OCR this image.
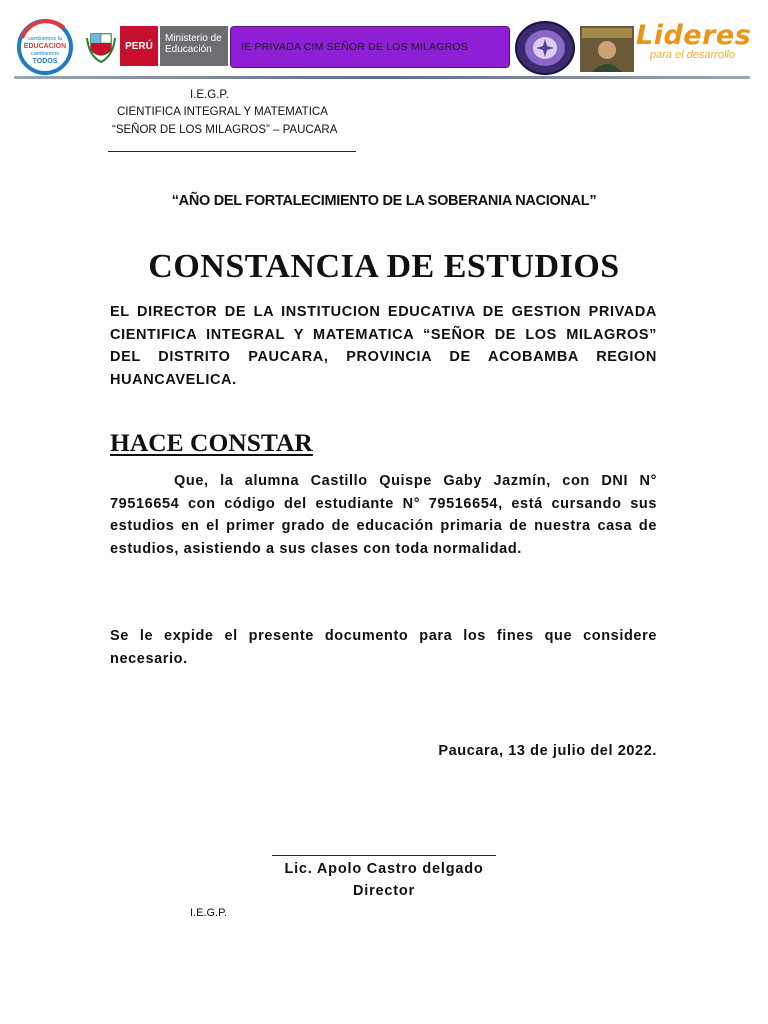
cambiemos la
EDUCACION
cambiemos
TODOS
PERÚ
Ministerio de Educación	IE PRIVADA CIM SEÑOR DE LOS MILAGROS	Lideres
para el desarrollo
I.E.G.P.
CIENTIFICA INTEGRAL Y MATEMATICA
“SEÑOR DE LOS MILAGROS” – PAUCARA
“AÑO DEL FORTALECIMIENTO DE LA SOBERANIA NACIONAL”
CONSTANCIA DE ESTUDIOS
EL DIRECTOR DE LA INSTITUCION EDUCATIVA DE GESTION PRIVADA CIENTIFICA INTEGRAL Y MATEMATICA “SEÑOR DE LOS MILAGROS” DEL DISTRITO PAUCARA, PROVINCIA DE ACOBAMBA REGION HUANCAVELICA.
HACE CONSTAR
Que, la alumna Castillo Quispe Gaby Jazmín, con DNI N° 79516654 con código del estudiante N° 79516654, está cursando sus estudios en el primer grado de educación primaria de nuestra casa de estudios, asistiendo a sus clases con toda normalidad.
Se le expide el presente documento para los fines que considere necesario.
Paucara, 13 de julio del 2022.
Lic. Apolo Castro delgado
Director
I.E.G.P.
